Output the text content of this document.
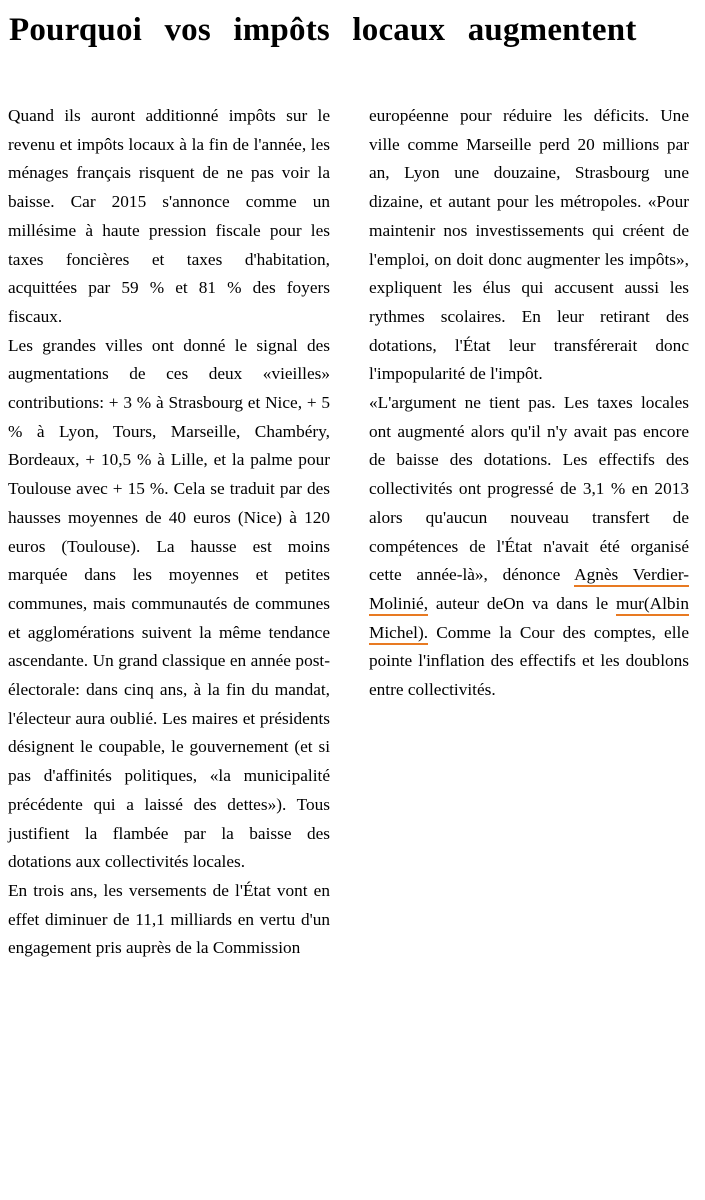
Pourquoi vos impôts locaux augmentent

Quand ils auront additionné impôts sur le revenu et impôts locaux à la fin de l'année, les ménages français risquent de ne pas voir la baisse. Car 2015 s'annonce comme un millésime à haute pression fiscale pour les taxes foncières et taxes d'habitation, acquittées par 59 % et 81 % des foyers fiscaux.

Les grandes villes ont donné le signal des augmentations de ces deux «vieilles» contributions: + 3 % à Strasbourg et Nice, + 5 % à Lyon, Tours, Marseille, Chambéry, Bordeaux, + 10,5 % à Lille, et la palme pour Toulouse avec + 15 %. Cela se traduit par des hausses moyennes de 40 euros (Nice) à 120 euros (Toulouse). La hausse est moins marquée dans les moyennes et petites communes, mais communautés de communes et agglomérations suivent la même tendance ascendante. Un grand classique en année post-électorale: dans cinq ans, à la fin du mandat, l'électeur aura oublié. Les maires et présidents désignent le coupable, le gouvernement (et si pas d'affinités politiques, «la municipalité précédente qui a laissé des dettes»). Tous justifient la flambée par la baisse des dotations aux collectivités locales.

En trois ans, les versements de l'État vont en effet diminuer de 11,1 milliards en vertu d'un engagement pris auprès de la Commission

européenne pour réduire les déficits. Une ville comme Marseille perd 20 millions par an, Lyon une douzaine, Strasbourg une dizaine, et autant pour les métropoles. «Pour maintenir nos investissements qui créent de l'emploi, on doit donc augmenter les impôts», expliquent les élus qui accusent aussi les rythmes scolaires. En leur retirant des dotations, l'État leur transférerait donc l'impopularité de l'impôt.

«L'argument ne tient pas. Les taxes locales ont augmenté alors qu'il n'y avait pas encore de baisse des dotations. Les effectifs des collectivités ont progressé de 3,1 % en 2013 alors qu'aucun nouveau transfert de compétences de l'État n'avait été organisé cette année-là», dénonce Agnès Verdier-Molinié, auteur deOn va dans le mur(Albin Michel). Comme la Cour des comptes, elle pointe l'inflation des effectifs et les doublons entre collectivités.
